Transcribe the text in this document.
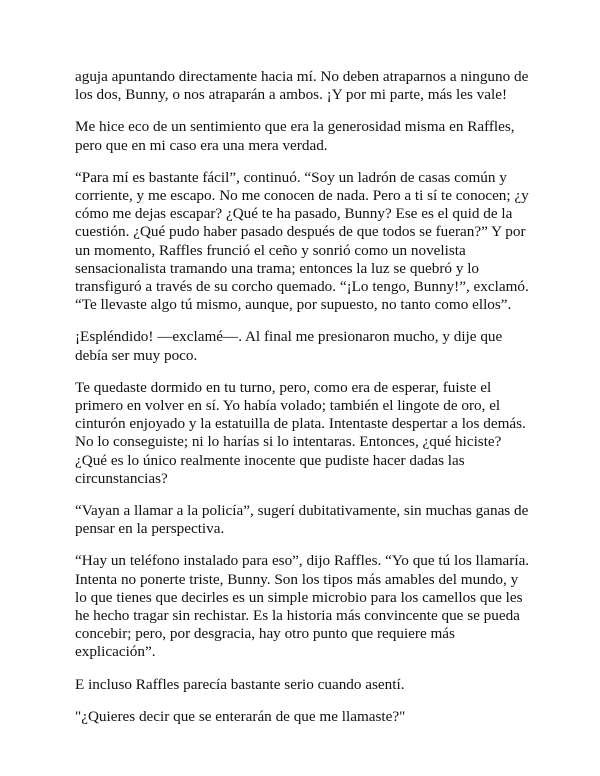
aguja apuntando directamente hacia mí. No deben atraparnos a ninguno de los dos, Bunny, o nos atraparán a ambos. ¡Y por mi parte, más les vale!

Me hice eco de un sentimiento que era la generosidad misma en Raffles, pero que en mi caso era una mera verdad.

“Para mí es bastante fácil”, continuó. “Soy un ladrón de casas común y corriente, y me escapo. No me conocen de nada. Pero a ti sí te conocen; ¿y cómo me dejas escapar? ¿Qué te ha pasado, Bunny? Ese es el quid de la cuestión. ¿Qué pudo haber pasado después de que todos se fueran?” Y por un momento, Raffles frunció el ceño y sonrió como un novelista sensacionalista tramando una trama; entonces la luz se quebró y lo transfiguró a través de su corcho quemado. “¡Lo tengo, Bunny!”, exclamó. “Te llevaste algo tú mismo, aunque, por supuesto, no tanto como ellos”.

¡Espléndido! —exclamé—. Al final me presionaron mucho, y dije que debía ser muy poco.

Te quedaste dormido en tu turno, pero, como era de esperar, fuiste el primero en volver en sí. Yo había volado; también el lingote de oro, el cinturón enjoyado y la estatuilla de plata. Intentaste despertar a los demás. No lo conseguiste; ni lo harías si lo intentaras. Entonces, ¿qué hiciste? ¿Qué es lo único realmente inocente que pudiste hacer dadas las circunstancias?

“Vayan a llamar a la policía”, sugerí dubitativamente, sin muchas ganas de pensar en la perspectiva.

“Hay un teléfono instalado para eso”, dijo Raffles. “Yo que tú los llamaría. Intenta no ponerte triste, Bunny. Son los tipos más amables del mundo, y lo que tienes que decirles es un simple microbio para los camellos que les he hecho tragar sin rechistar. Es la historia más convincente que se pueda concebir; pero, por desgracia, hay otro punto que requiere más explicación”.

E incluso Raffles parecía bastante serio cuando asentí.

"¿Quieres decir que se enterarán de que me llamaste?"
